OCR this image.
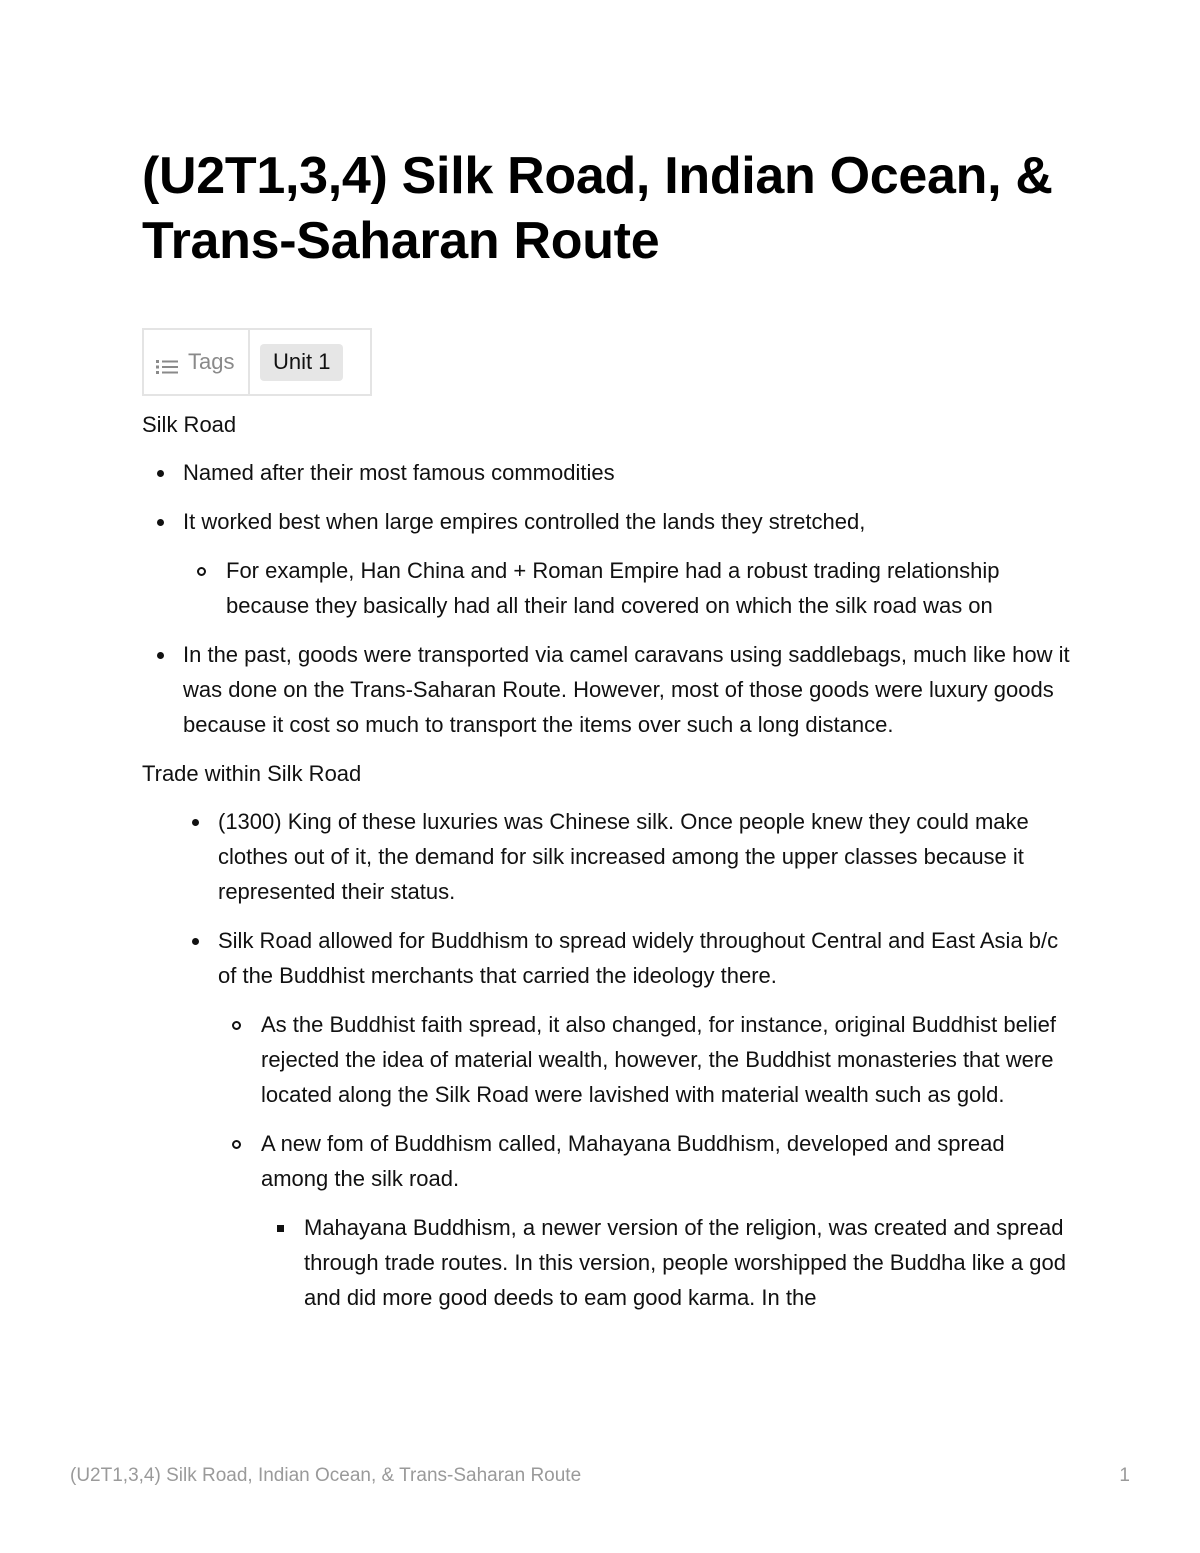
(U2T1,3,4) Silk Road, Indian Ocean, & Trans-Saharan Route
Tags	Unit 1

Silk Road

Named after their most famous commodities
It worked best when large empires controlled the lands they stretched,
For example, Han China and + Roman Empire had a robust trading relationship because they basically had all their land covered on which the silk road was on
In the past, goods were transported via camel caravans using saddlebags, much like how it was done on the Trans-Saharan Route. However, most of those goods were luxury goods because it cost so much to transport the items over such a long distance.

Trade within Silk Road

(1300) King of these luxuries was Chinese silk. Once people knew they could make clothes out of it, the demand for silk increased among the upper classes because it represented their status.
Silk Road allowed for Buddhism to spread widely throughout Central and East Asia b/c of the Buddhist merchants that carried the ideology there.
As the Buddhist faith spread, it also changed, for instance, original Buddhist belief rejected the idea of material wealth, however, the Buddhist monasteries that were located along the Silk Road were lavished with material wealth such as gold.
A new fom of Buddhism called, Mahayana Buddhism, developed and spread among the silk road.
Mahayana Buddhism, a newer version of the religion, was created and spread through trade routes. In this version, people worshipped the Buddha like a god and did more good deeds to eam good karma. In the
(U2T1,3,4) Silk Road, Indian Ocean, & Trans-Saharan Route	1
